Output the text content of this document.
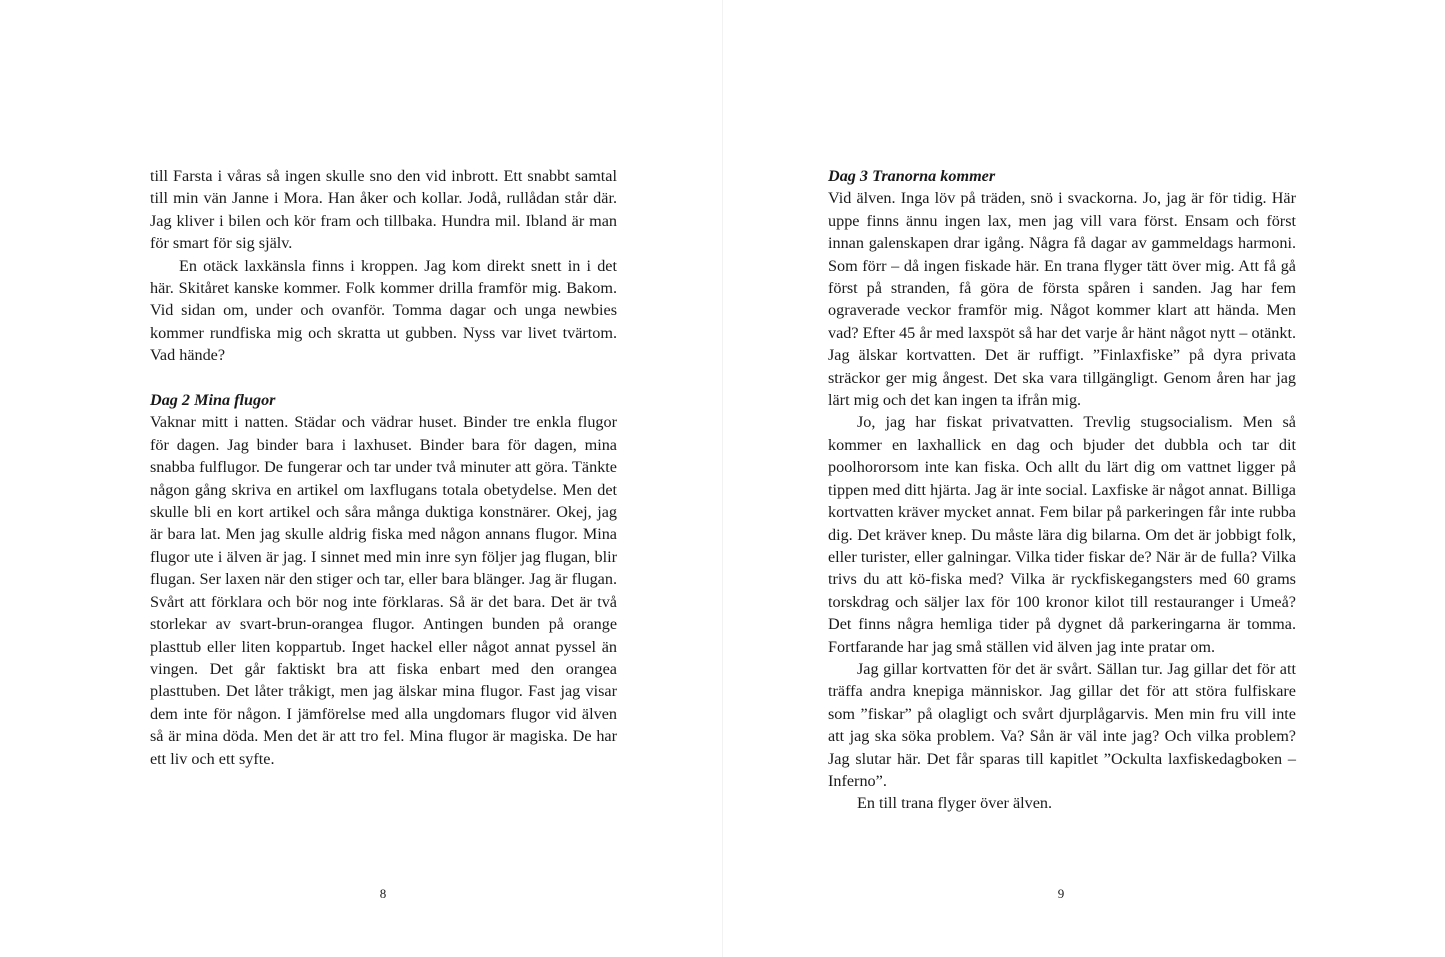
till Farsta i våras så ingen skulle sno den vid inbrott. Ett snabbt samtal till min vän Janne i Mora. Han åker och kollar. Jodå, rullådan står där. Jag kliver i bilen och kör fram och tillbaka. Hundra mil. Ibland är man för smart för sig själv.

En otäck laxkänsla finns i kroppen. Jag kom direkt snett in i det här. Skitåret kanske kommer. Folk kommer drilla framför mig. Bakom. Vid sidan om, under och ovanför. Tomma dagar och unga newbies kommer rundfiska mig och skratta ut gubben. Nyss var livet tvärtom. Vad hände?

Dag 2 Mina flugor

Vaknar mitt i natten. Städar och vädrar huset. Binder tre enkla flugor för dagen. Jag binder bara i laxhuset. Binder bara för dagen, mina snabba fulflugor. De fungerar och tar under två minuter att göra. Tänkte någon gång skriva en artikel om laxflugans totala obetydelse. Men det skulle bli en kort artikel och såra många duktiga konstnärer. Okej, jag är bara lat. Men jag skulle aldrig fiska med någon annans flugor. Mina flugor ute i älven är jag. I sinnet med min inre syn följer jag flugan, blir flugan. Ser laxen när den stiger och tar, eller bara blänger. Jag är flugan. Svårt att förklara och bör nog inte förklaras. Så är det bara. Det är två storlekar av svart-brun-orangea flugor. Antingen bunden på orange plasttub eller liten koppartub. Inget hackel eller något annat pyssel än vingen. Det går faktiskt bra att fiska enbart med den orangea plasttuben. Det låter tråkigt, men jag älskar mina flugor. Fast jag visar dem inte för någon. I jämförelse med alla ungdomars flugor vid älven så är mina döda. Men det är att tro fel. Mina flugor är magiska. De har ett liv och ett syfte.

8
Dag 3 Tranorna kommer

Vid älven. Inga löv på träden, snö i svackorna. Jo, jag är för tidig. Här uppe finns ännu ingen lax, men jag vill vara först. Ensam och först innan galenskapen drar igång. Några få dagar av gammeldags harmoni. Som förr – då ingen fiskade här. En trana flyger tätt över mig. Att få gå först på stranden, få göra de första spåren i sanden. Jag har fem ograverade veckor framför mig. Något kommer klart att hända. Men vad? Efter 45 år med laxspöt så har det varje år hänt något nytt – otänkt. Jag älskar kortvatten. Det är ruffigt. ”Finlaxfiske” på dyra privata sträckor ger mig ångest. Det ska vara tillgängligt. Genom åren har jag lärt mig och det kan ingen ta ifrån mig.

Jo, jag har fiskat privatvatten. Trevlig stugsocialism. Men så kommer en laxhallick en dag och bjuder det dubbla och tar dit poolhororsom inte kan fiska. Och allt du lärt dig om vattnet ligger på tippen med ditt hjärta. Jag är inte social. Laxfiske är något annat. Billiga kortvatten kräver mycket annat. Fem bilar på parkeringen får inte rubba dig. Det kräver knep. Du måste lära dig bilarna. Om det är jobbigt folk, eller turister, eller galningar. Vilka tider fiskar de? När är de fulla? Vilka trivs du att kö-fiska med? Vilka är ryckfiskegangsters med 60 grams torskdrag och säljer lax för 100 kronor kilot till restauranger i Umeå? Det finns några hemliga tider på dygnet då parkeringarna är tomma. Fortfarande har jag små ställen vid älven jag inte pratar om.

Jag gillar kortvatten för det är svårt. Sällan tur. Jag gillar det för att träffa andra knepiga människor. Jag gillar det för att störa fulfiskare som ”fiskar” på olagligt och svårt djurplågarvis. Men min fru vill inte att jag ska söka problem. Va? Sån är väl inte jag? Och vilka problem? Jag slutar här. Det får sparas till kapitlet ”Ockulta laxfiskedagboken – Inferno”.

En till trana flyger över älven.

9
